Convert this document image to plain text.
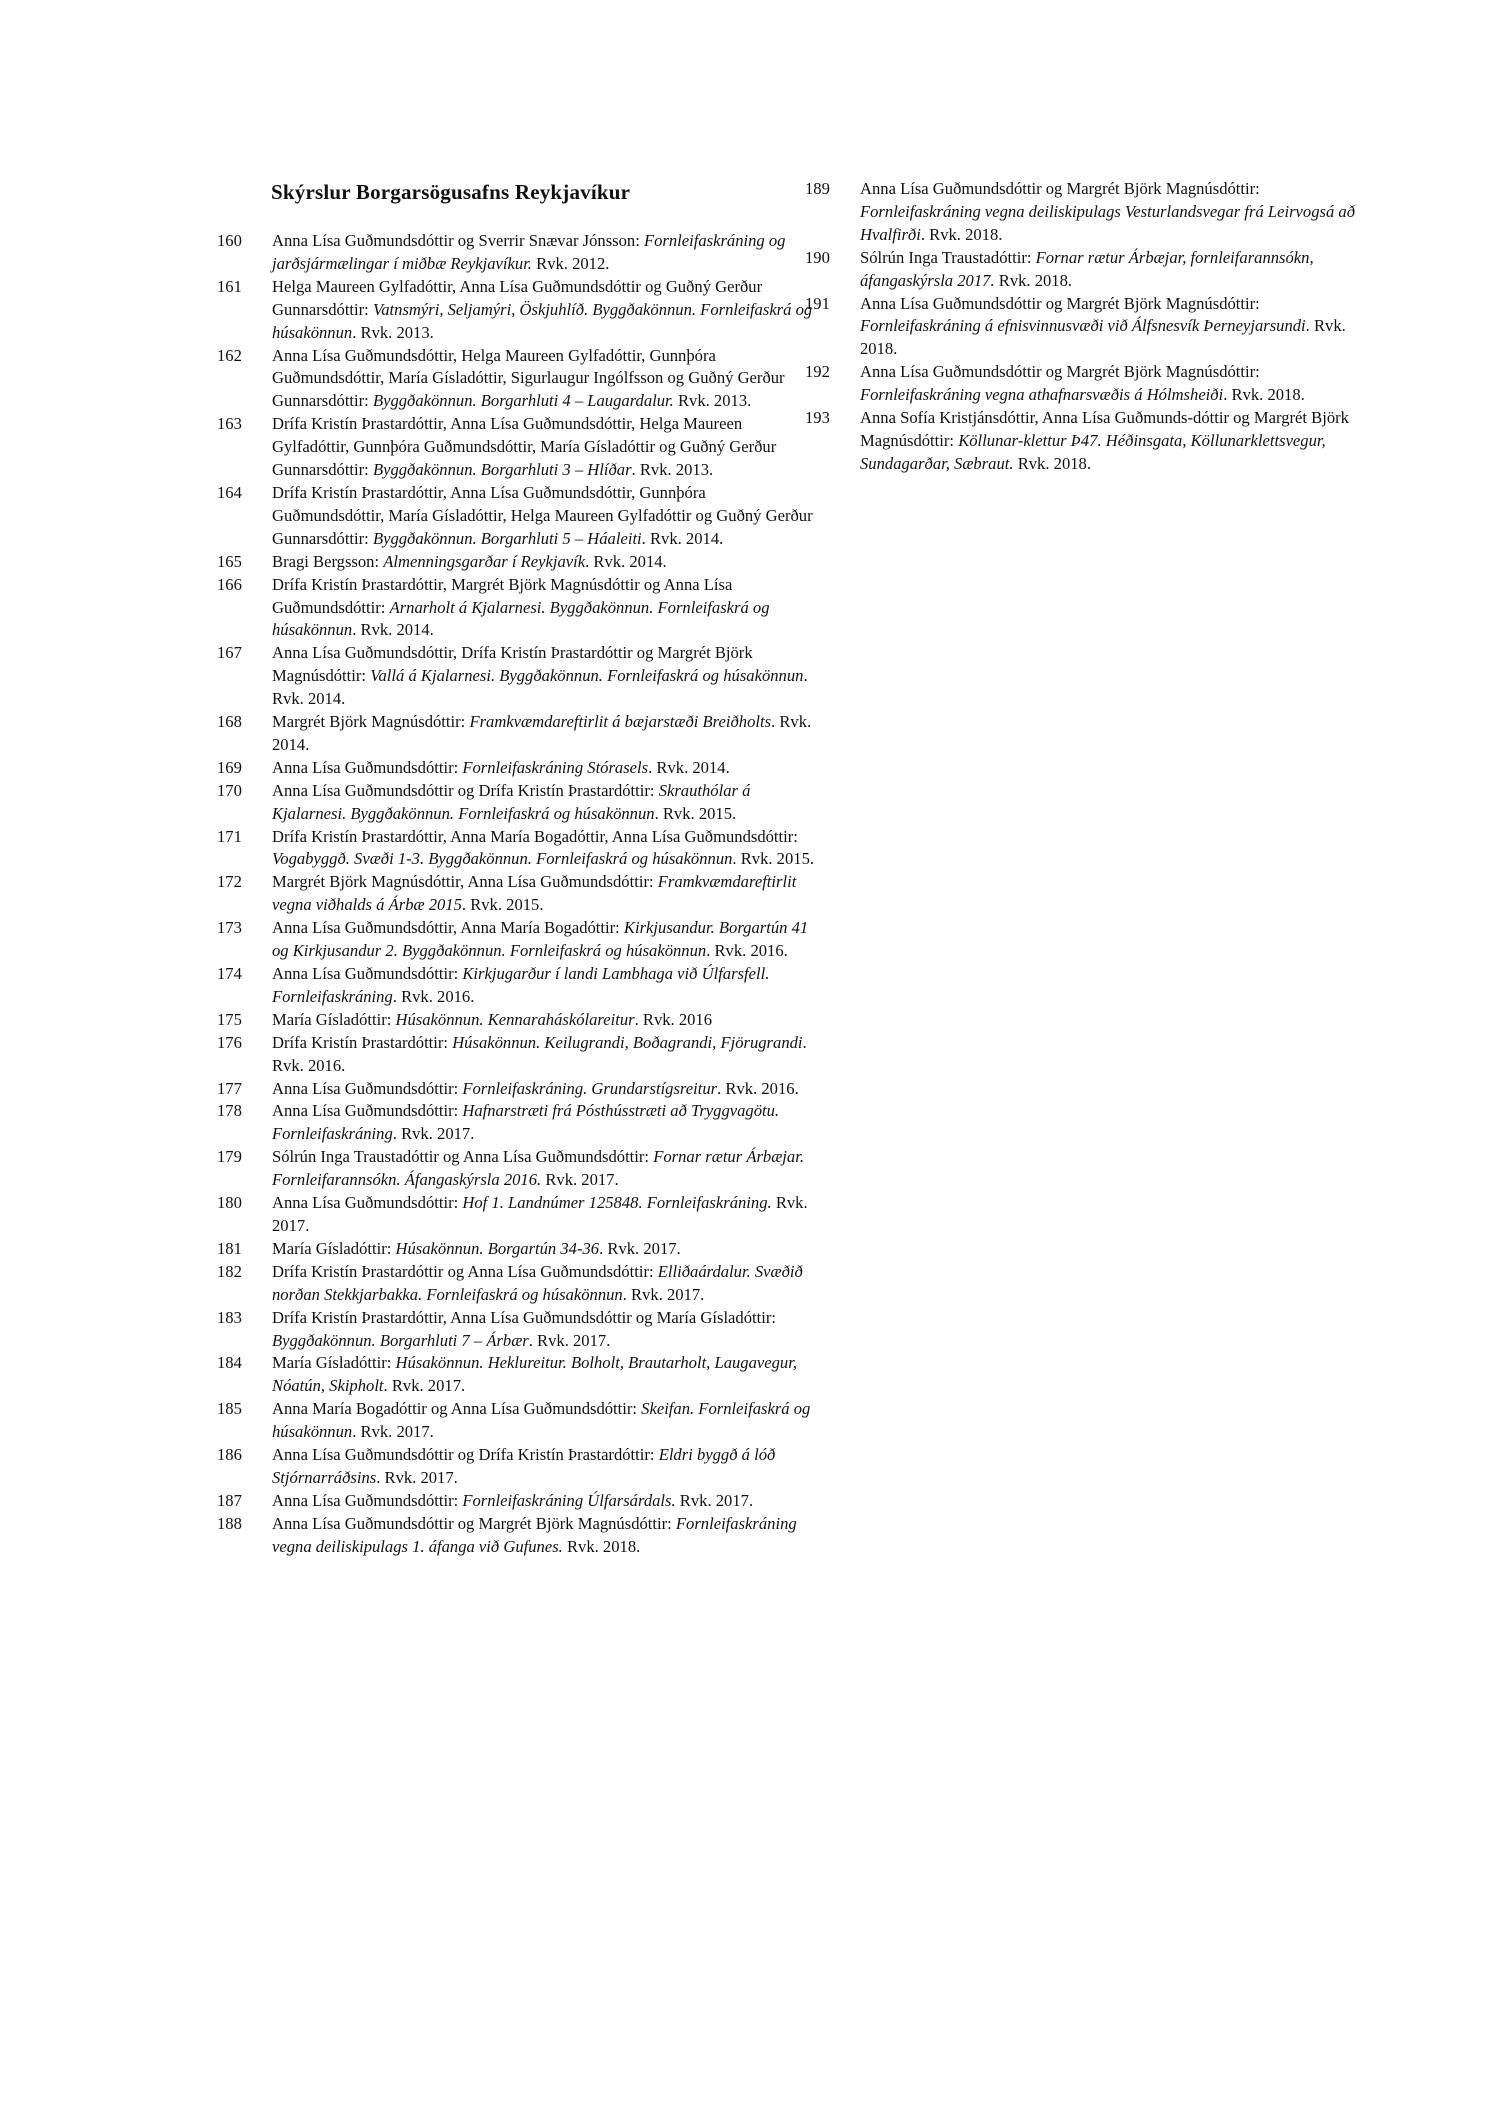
Skýrslur Borgarsögusafns Reykjavíkur
160	Anna Lísa Guðmundsdóttir og Sverrir Snævar Jónsson: Fornleifaskráning og jarðsjármælingar í miðbæ Reykjavíkur. Rvk. 2012.
161	Helga Maureen Gylfadóttir, Anna Lísa Guðmundsdóttir og Guðný Gerður Gunnarsdóttir: Vatnsmýri, Seljamýri, Öskjuhlíð. Byggðakönnun. Fornleifaskrá og húsakönnun. Rvk. 2013.
162	Anna Lísa Guðmundsdóttir, Helga Maureen Gylfadóttir, Gunnþóra Guðmundsdóttir, María Gísladóttir, Sigurlaugur Ingólfsson og Guðný Gerður Gunnarsdóttir: Byggðakönnun. Borgarhluti 4 – Laugardalur. Rvk. 2013.
163	Drífa Kristín Þrastardóttir, Anna Lísa Guðmundsdóttir, Helga Maureen Gylfadóttir, Gunnþóra Guðmundsdóttir, María Gísladóttir og Guðný Gerður Gunnarsdóttir: Byggðakönnun. Borgarhluti 3 – Hlíðar. Rvk. 2013.
164	Drífa Kristín Þrastardóttir, Anna Lísa Guðmundsdóttir, Gunnþóra Guðmundsdóttir, María Gísladóttir, Helga Maureen Gylfadóttir og Guðný Gerður Gunnarsdóttir: Byggðakönnun. Borgarhluti 5 – Háaleiti. Rvk. 2014.
165	Bragi Bergsson: Almenningsgarðar í Reykjavík. Rvk. 2014.
166	Drífa Kristín Þrastardóttir, Margrét Björk Magnúsdóttir og Anna Lísa Guðmundsdóttir: Arnarholt á Kjalarnesi. Byggðakönnun. Fornleifaskrá og húsakönnun. Rvk. 2014.
167	Anna Lísa Guðmundsdóttir, Drífa Kristín Þrastardóttir og Margrét Björk Magnúsdóttir: Vallá á Kjalarnesi. Byggðakönnun. Fornleifaskrá og húsakönnun. Rvk. 2014.
168	Margrét Björk Magnúsdóttir: Framkvæmdareftirlit á bæjarstæði Breiðholts. Rvk. 2014.
169	Anna Lísa Guðmundsdóttir: Fornleifaskráning Stórasels. Rvk. 2014.
170	Anna Lísa Guðmundsdóttir og Drífa Kristín Þrastardóttir: Skrauthólar á Kjalarnesi. Byggðakönnun. Fornleifaskrá og húsakönnun. Rvk. 2015.
171	Drífa Kristín Þrastardóttir, Anna María Bogadóttir, Anna Lísa Guðmundsdóttir: Vogabyggð. Svæði 1-3. Byggðakönnun. Fornleifaskrá og húsakönnun. Rvk. 2015.
172	Margrét Björk Magnúsdóttir, Anna Lísa Guðmundsdóttir: Framkvæmdareftirlit vegna viðhalds á Árbæ 2015. Rvk. 2015.
173	Anna Lísa Guðmundsdóttir, Anna María Bogadóttir: Kirkjusandur. Borgartún 41 og Kirkjusandur 2. Byggðakönnun. Fornleifaskrá og húsakönnun. Rvk. 2016.
174	Anna Lísa Guðmundsdóttir: Kirkjugarður í landi Lambhaga við Úlfarsfell. Fornleifaskráning. Rvk. 2016.
175	María Gísladóttir: Húsakönnun. Kennaraháskólareitur. Rvk. 2016
176	Drífa Kristín Þrastardóttir: Húsakönnun. Keilugrandi, Boðagrandi, Fjörugrandi. Rvk. 2016.
177	Anna Lísa Guðmundsdóttir: Fornleifaskráning. Grundarstígsreitur. Rvk. 2016.
178	Anna Lísa Guðmundsdóttir: Hafnarstræti frá Pósthússtræti að Tryggvagötu. Fornleifaskráning. Rvk. 2017.
179	Sólrún Inga Traustadóttir og Anna Lísa Guðmundsdóttir: Fornar rætur Árbæjar. Fornleifarannsókn. Áfangaskýrsla 2016. Rvk. 2017.
180	Anna Lísa Guðmundsdóttir: Hof 1. Landnúmer 125848. Fornleifaskráning. Rvk. 2017.
181	María Gísladóttir: Húsakönnun. Borgartún 34-36. Rvk. 2017.
182	Drífa Kristín Þrastardóttir og Anna Lísa Guðmundsdóttir: Elliðaárdalur. Svæðið norðan Stekkjarbakka. Fornleifaskrá og húsakönnun. Rvk. 2017.
183	Drífa Kristín Þrastardóttir, Anna Lísa Guðmundsdóttir og María Gísladóttir: Byggðakönnun. Borgarhluti 7 – Árbær. Rvk. 2017.
184	María Gísladóttir: Húsakönnun. Heklureitur. Bolholt, Brautarholt, Laugavegur, Nóatún, Skipholt. Rvk. 2017.
185	Anna María Bogadóttir og Anna Lísa Guðmundsdóttir: Skeifan. Fornleifaskrá og húsakönnun. Rvk. 2017.
186	Anna Lísa Guðmundsdóttir og Drífa Kristín Þrastardóttir: Eldri byggð á lóð Stjórnarráðsins. Rvk. 2017.
187	Anna Lísa Guðmundsdóttir: Fornleifaskráning Úlfarsárdals. Rvk. 2017.
188	Anna Lísa Guðmundsdóttir og Margrét Björk Magnúsdóttir: Fornleifaskráning vegna deiliskipulags 1. áfanga við Gufunes. Rvk. 2018.
189	Anna Lísa Guðmundsdóttir og Margrét Björk Magnúsdóttir: Fornleifaskráning vegna deiliskipulags Vesturlandsvegar frá Leirvogsá að Hvalfirði. Rvk. 2018.
190	Sólrún Inga Traustadóttir: Fornar rætur Árbæjar, fornleifarannsókn, áfangaskýrsla 2017. Rvk. 2018.
191	Anna Lísa Guðmundsdóttir og Margrét Björk Magnúsdóttir: Fornleifaskráning á efnisvinnusvæði við Álfsnesvík Þerneyjarsundi. Rvk. 2018.
192	Anna Lísa Guðmundsdóttir og Margrét Björk Magnúsdóttir: Fornleifaskráning vegna athafnarsvæðis á Hólmsheiði. Rvk. 2018.
193	Anna Sofía Kristjánsdóttir, Anna Lísa Guðmunds-dóttir og Margrét Björk Magnúsdóttir: Köllunar-klettur Þ47. Héðinsgata, Köllunarklettsvegur, Sundagarðar, Sæbraut. Rvk. 2018.
